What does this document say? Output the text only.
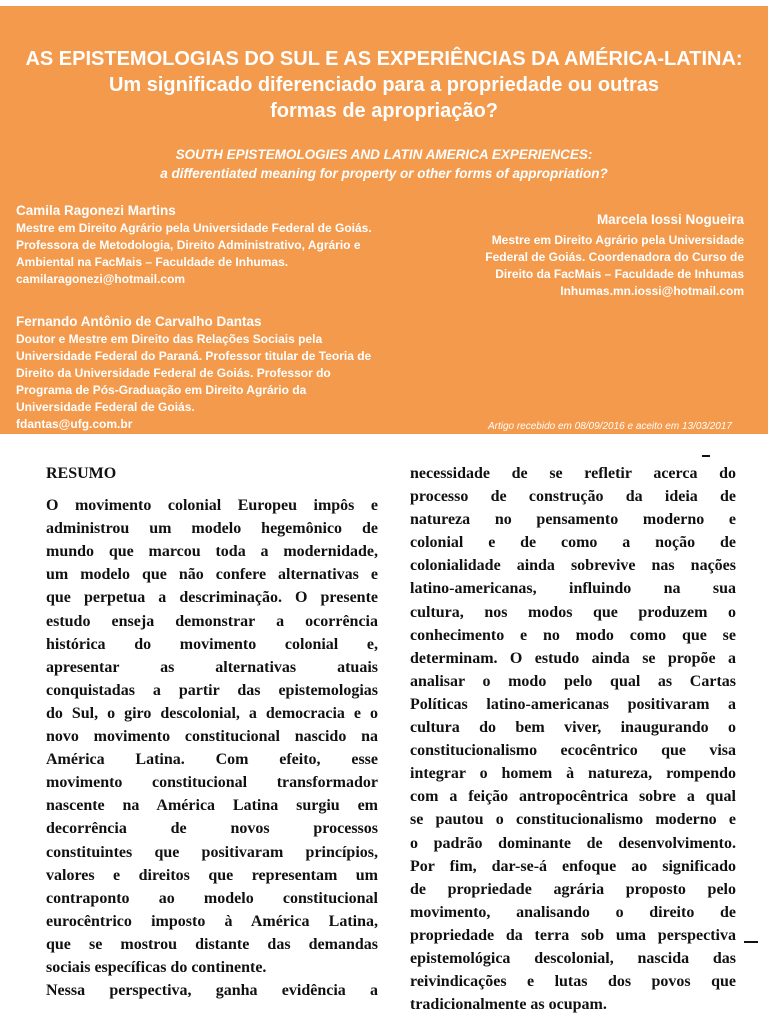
AS EPISTEMOLOGIAS DO SUL E AS EXPERIÊNCIAS DA AMÉRICA-LATINA:
Um significado diferenciado para a propriedade ou outras
formas de apropriação?
SOUTH EPISTEMOLOGIES AND LATIN AMERICA EXPERIENCES:
a differentiated meaning for property or other forms of appropriation?
Camila Ragonezi Martins
Mestre em Direito Agrário pela Universidade Federal de Goiás.
Professora de Metodologia, Direito Administrativo, Agrário e
Ambiental na FacMais – Faculdade de Inhumas.
camilaragonezi@hotmail.com
Marcela Iossi Nogueira
Mestre em Direito Agrário pela Universidade
Federal de Goiás. Coordenadora do Curso de
Direito da FacMais – Faculdade de Inhumas
Inhumas.mn.iossi@hotmail.com
Fernando Antônio de Carvalho Dantas
Doutor e Mestre em Direito das Relações Sociais pela
Universidade Federal do Paraná. Professor titular de Teoria de
Direito da Universidade Federal de Goiás. Professor do
Programa de Pós-Graduação em Direito Agrário da
Universidade Federal de Goiás.
fdantas@ufg.com.br	Artigo recebido em 08/09/2016 e aceito em 13/03/2017

RESUMO

O movimento colonial Europeu impôs e
administrou um modelo hegemônico de
mundo que marcou toda a modernidade,
um modelo que não confere alternativas e
que perpetua a descriminação. O presente
estudo enseja demonstrar a ocorrência
histórica do movimento colonial e,
apresentar as alternativas atuais
conquistadas a partir das epistemologias
do Sul, o giro descolonial, a democracia e o
novo movimento constitucional nascido na
América Latina. Com efeito, esse
movimento constitucional transformador
nascente na América Latina surgiu em
decorrência de novos processos
constituintes que positivaram princípios,
valores e direitos que representam um
contraponto ao modelo constitucional
eurocêntrico imposto à América Latina,
que se mostrou distante das demandas
sociais específicas do continente.

Nessa perspectiva, ganha evidência a

necessidade de se refletir acerca do
processo de construção da ideia de
natureza no pensamento moderno e
colonial e de como a noção de
colonialidade ainda sobrevive nas nações
latino-americanas, influindo na sua
cultura, nos modos que produzem o
conhecimento e no modo como que se
determinam. O estudo ainda se propõe a
analisar o modo pelo qual as Cartas
Políticas latino-americanas positivaram a
cultura do bem viver, inaugurando o
constitucionalismo ecocêntrico que visa
integrar o homem à natureza, rompendo
com a feição antropocêntrica sobre a qual
se pautou o constitucionalismo moderno e
o padrão dominante de desenvolvimento.
Por fim, dar-se-á enfoque ao significado
de propriedade agrária proposto pelo
movimento, analisando o direito de
propriedade da terra sob uma perspectiva
epistemológica descolonial, nascida das
reivindicações e lutas dos povos que
tradicionalmente as ocupam.
